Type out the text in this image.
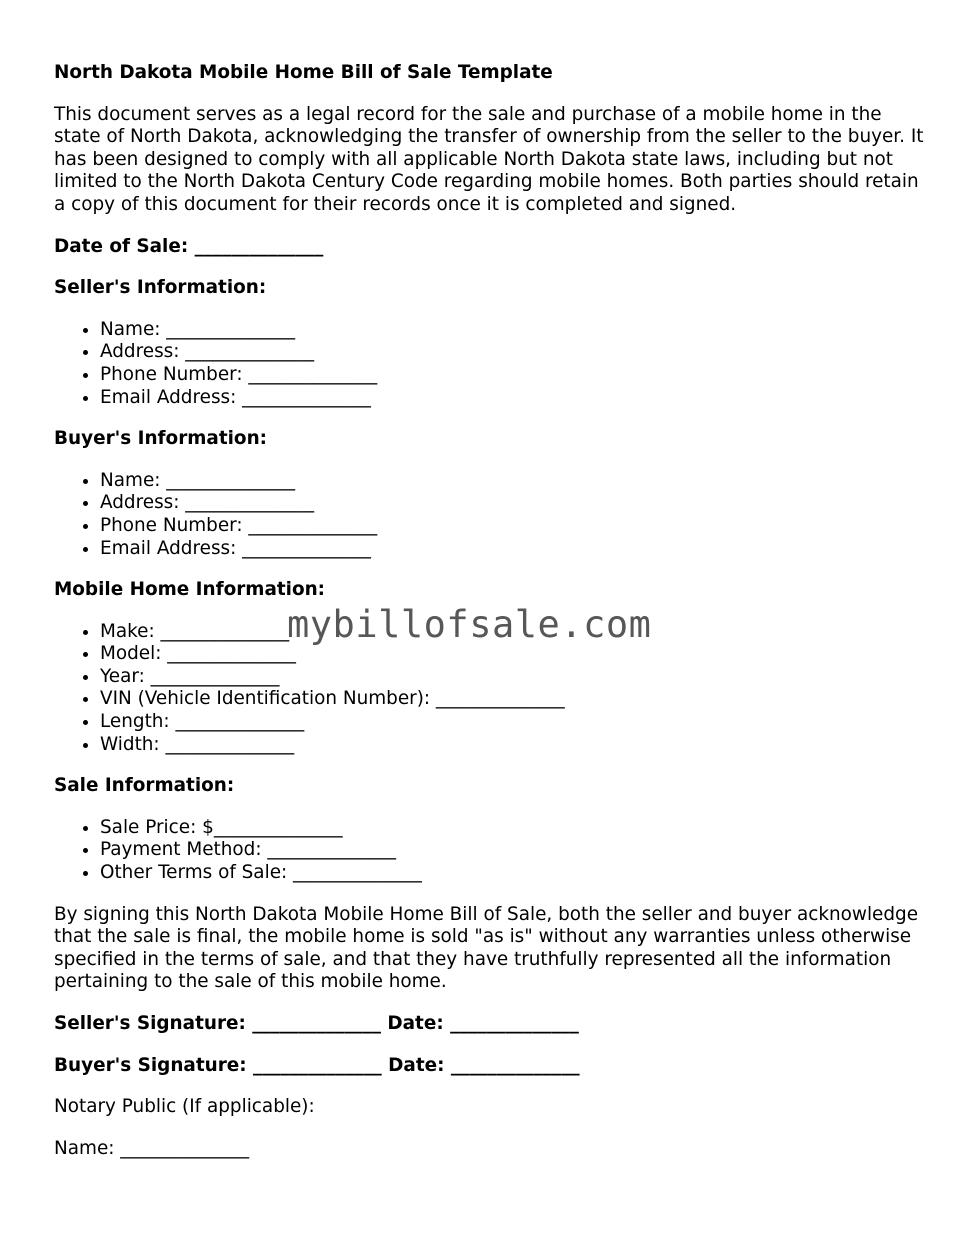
North Dakota Mobile Home Bill of Sale Template
This document serves as a legal record for the sale and purchase of a mobile home in the state of North Dakota, acknowledging the transfer of ownership from the seller to the buyer. It has been designed to comply with all applicable North Dakota state laws, including but not limited to the North Dakota Century Code regarding mobile homes. Both parties should retain a copy of this document for their records once it is completed and signed.
Date of Sale: ______________
Seller's Information:
• Name: ______________
• Address: ______________
• Phone Number: ______________
• Email Address: ______________
Buyer's Information:
• Name: ______________
• Address: ______________
• Phone Number: ______________
• Email Address: ______________
Mobile Home Information:
• Make: ______________
• Model: ______________
• Year: ______________
• VIN (Vehicle Identification Number): ______________
• Length: ______________
• Width: ______________
Sale Information:
• Sale Price: $______________
• Payment Method: ______________
• Other Terms of Sale: ______________
By signing this North Dakota Mobile Home Bill of Sale, both the seller and buyer acknowledge that the sale is final, the mobile home is sold "as is" without any warranties unless otherwise specified in the terms of sale, and that they have truthfully represented all the information pertaining to the sale of this mobile home.
Seller's Signature: ______________ Date: ______________
Buyer's Signature: ______________ Date: ______________
Notary Public (If applicable):
Name: ______________
mybillofsale.com
